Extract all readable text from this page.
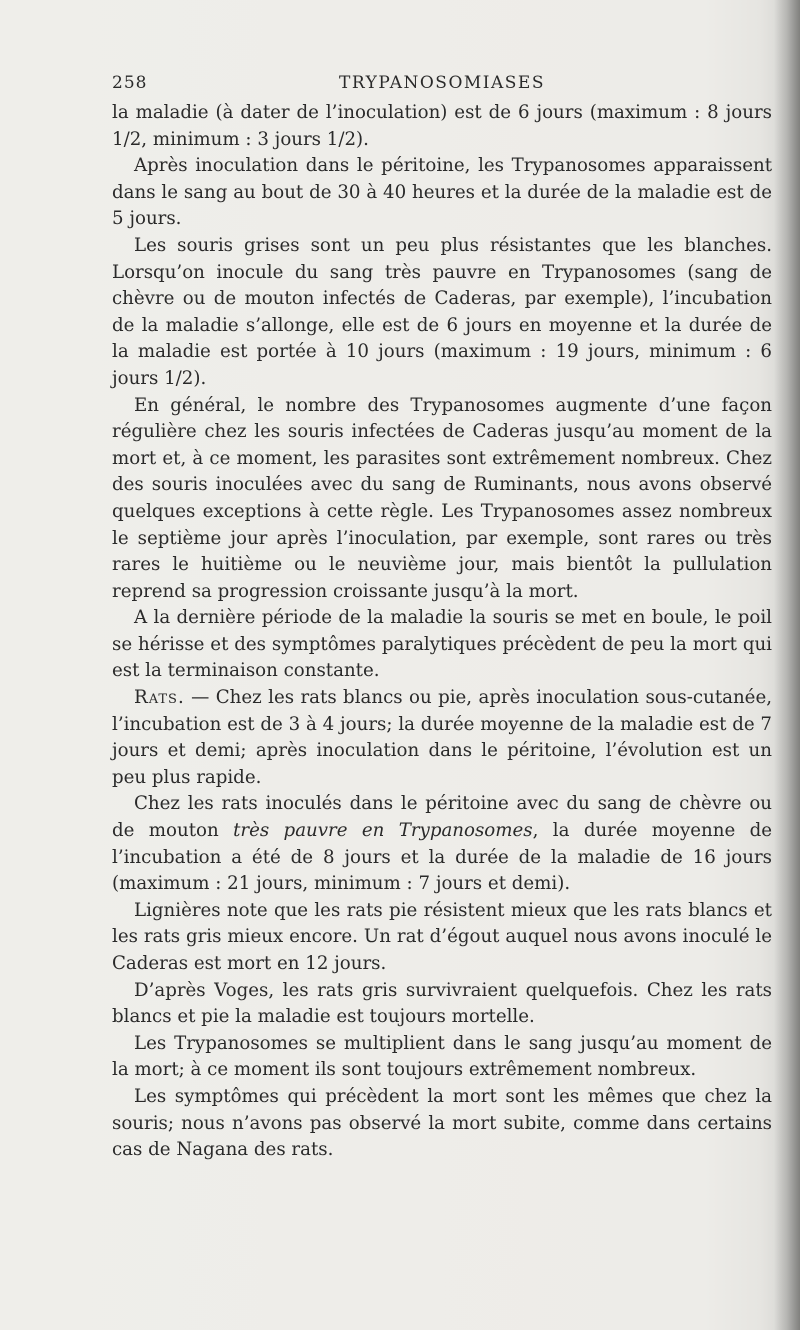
258	TRYPANOSOMIASES

la maladie (à dater de l’inoculation) est de 6 jours (maximum : 8 jours 1/2, minimum : 3 jours 1/2).

Après inoculation dans le péritoine, les Trypanosomes apparaissent dans le sang au bout de 30 à 40 heures et la durée de la maladie est de 5 jours.

Les souris grises sont un peu plus résistantes que les blanches. Lorsqu’on inocule du sang très pauvre en Trypanosomes (sang de chèvre ou de mouton infectés de Caderas, par exemple), l’incubation de la maladie s’allonge, elle est de 6 jours en moyenne et la durée de la maladie est portée à 10 jours (maximum : 19 jours, minimum : 6 jours 1/2).

En général, le nombre des Trypanosomes augmente d’une façon régulière chez les souris infectées de Caderas jusqu’au moment de la mort et, à ce moment, les parasites sont extrêmement nombreux. Chez des souris inoculées avec du sang de Ruminants, nous avons observé quelques exceptions à cette règle. Les Trypanosomes assez nombreux le septième jour après l’inoculation, par exemple, sont rares ou très rares le huitième ou le neuvième jour, mais bientôt la pullulation reprend sa progression croissante jusqu’à la mort.

A la dernière période de la maladie la souris se met en boule, le poil se hérisse et des symptômes paralytiques précèdent de peu la mort qui est la terminaison constante.

Rats. — Chez les rats blancs ou pie, après inoculation sous-cutanée, l’incubation est de 3 à 4 jours; la durée moyenne de la maladie est de 7 jours et demi; après inoculation dans le péritoine, l’évolution est un peu plus rapide.

Chez les rats inoculés dans le péritoine avec du sang de chèvre ou de mouton très pauvre en Trypanosomes, la durée moyenne de l’incubation a été de 8 jours et la durée de la maladie de 16 jours (maximum : 21 jours, minimum : 7 jours et demi).

Lignières note que les rats pie résistent mieux que les rats blancs et les rats gris mieux encore. Un rat d’égout auquel nous avons inoculé le Caderas est mort en 12 jours.

D’après Voges, les rats gris survivraient quelquefois. Chez les rats blancs et pie la maladie est toujours mortelle.

Les Trypanosomes se multiplient dans le sang jusqu’au moment de la mort; à ce moment ils sont toujours extrêmement nombreux.

Les symptômes qui précèdent la mort sont les mêmes que chez la souris; nous n’avons pas observé la mort subite, comme dans certains cas de Nagana des rats.
